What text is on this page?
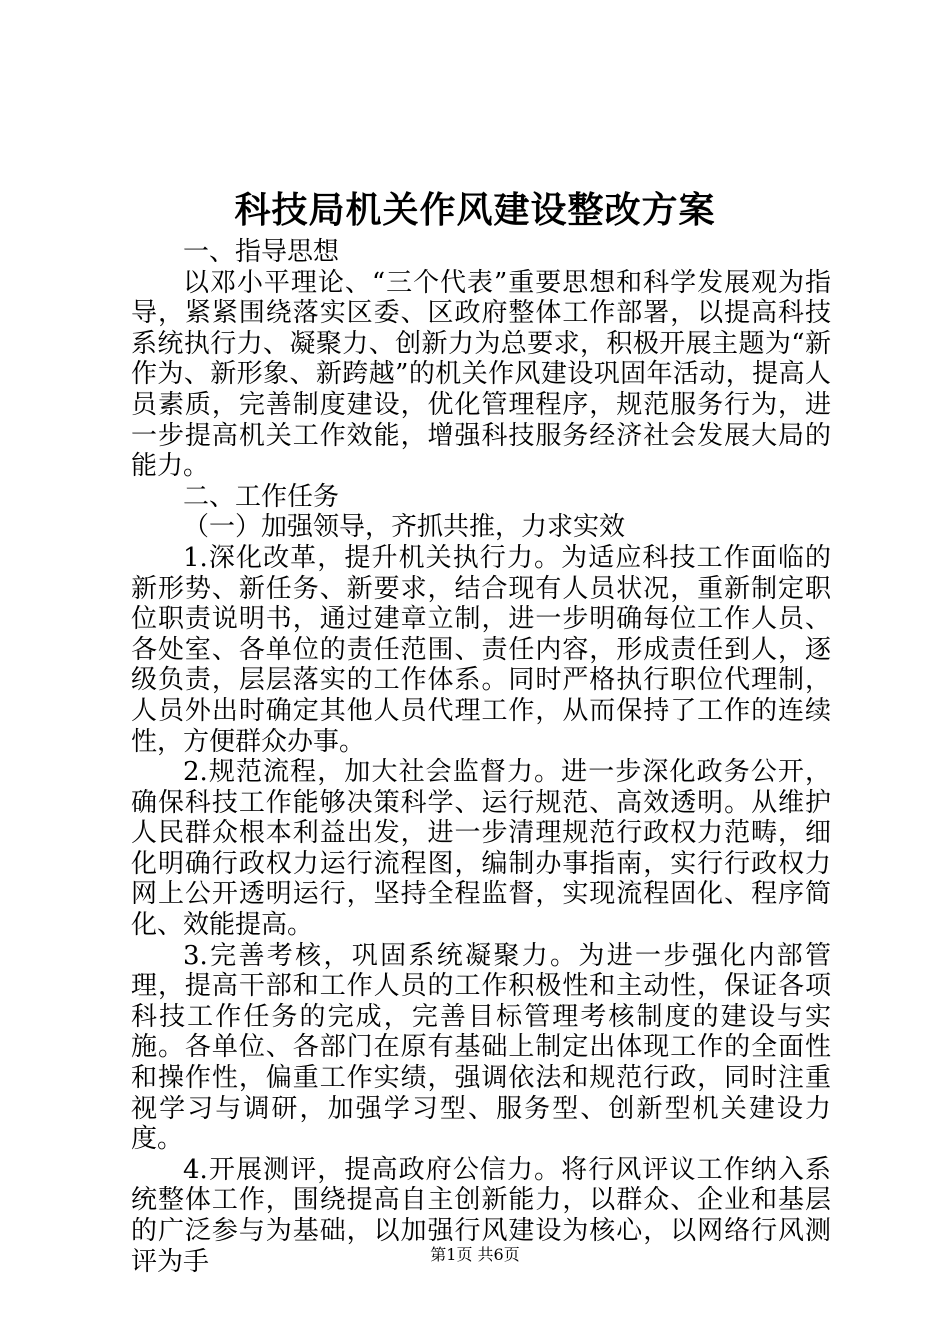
科技局机关作风建设整改方案

一、指导思想

以邓小平理论、“三个代表”重要思想和科学发展观为指导，紧紧围绕落实区委、区政府整体工作部署，以提高科技系统执行力、凝聚力、创新力为总要求，积极开展主题为“新作为、新形象、新跨越”的机关作风建设巩固年活动，提高人员素质，完善制度建设，优化管理程序，规范服务行为，进一步提高机关工作效能，增强科技服务经济社会发展大局的能力。

二、工作任务

（一）加强领导，齐抓共推，力求实效

1.深化改革，提升机关执行力。为适应科技工作面临的新形势、新任务、新要求，结合现有人员状况，重新制定职位职责说明书，通过建章立制，进一步明确每位工作人员、各处室、各单位的责任范围、责任内容，形成责任到人，逐级负责，层层落实的工作体系。同时严格执行职位代理制，人员外出时确定其他人员代理工作，从而保持了工作的连续性，方便群众办事。

2.规范流程，加大社会监督力。进一步深化政务公开，确保科技工作能够决策科学、运行规范、高效透明。从维护人民群众根本利益出发，进一步清理规范行政权力范畴，细化明确行政权力运行流程图，编制办事指南，实行行政权力网上公开透明运行，坚持全程监督，实现流程固化、程序简化、效能提高。

3.完善考核，巩固系统凝聚力。为进一步强化内部管理，提高干部和工作人员的工作积极性和主动性，保证各项科技工作任务的完成，完善目标管理考核制度的建设与实施。各单位、各部门在原有基础上制定出体现工作的全面性和操作性，偏重工作实绩，强调依法和规范行政，同时注重视学习与调研，加强学习型、服务型、创新型机关建设力度。

4.开展测评，提高政府公信力。将行风评议工作纳入系统整体工作，围绕提高自主创新能力，以群众、企业和基层的广泛参与为基础，以加强行风建设为核心，以网络行风测评为手	第1页 共6页
